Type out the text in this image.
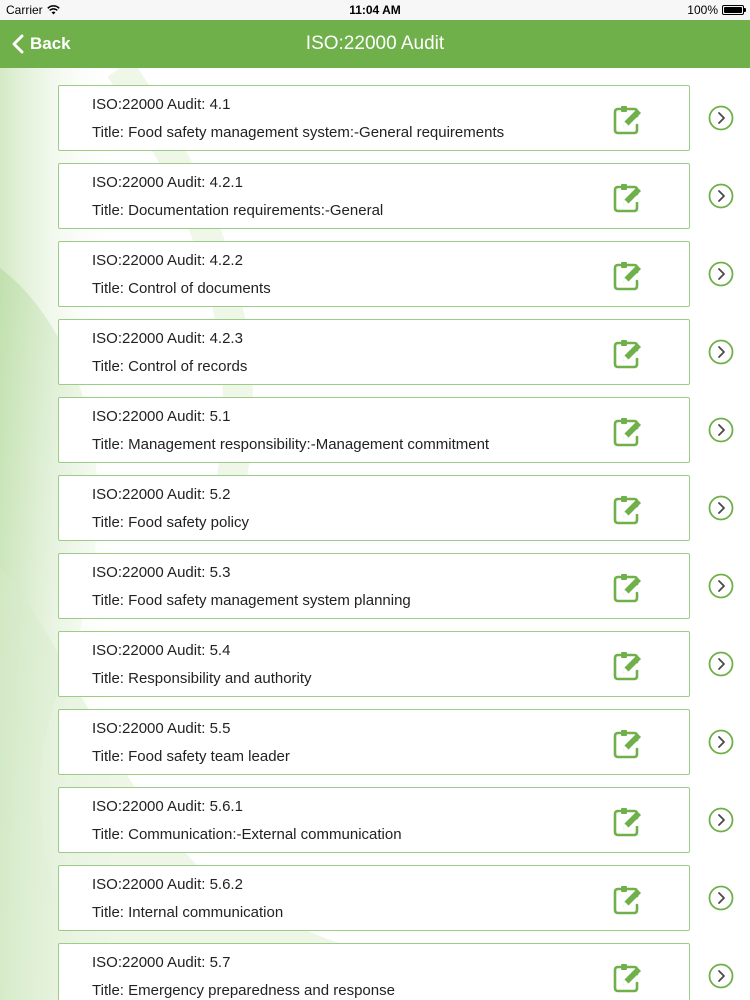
Carrier	11:04 AM	100%
Back	ISO:22000 Audit
ISO:22000 Audit: 4.1
Title: Food safety management system:-General requirements
ISO:22000 Audit: 4.2.1
Title: Documentation requirements:-General
ISO:22000 Audit: 4.2.2
Title: Control of documents
ISO:22000 Audit: 4.2.3
Title: Control of records
ISO:22000 Audit: 5.1
Title: Management responsibility:-Management commitment
ISO:22000 Audit: 5.2
Title: Food safety policy
ISO:22000 Audit: 5.3
Title: Food safety management system planning
ISO:22000 Audit: 5.4
Title: Responsibility and authority
ISO:22000 Audit: 5.5
Title: Food safety team leader
ISO:22000 Audit: 5.6.1
Title: Communication:-External communication
ISO:22000 Audit: 5.6.2
Title: Internal communication
ISO:22000 Audit: 5.7
Title: Emergency preparedness and response
